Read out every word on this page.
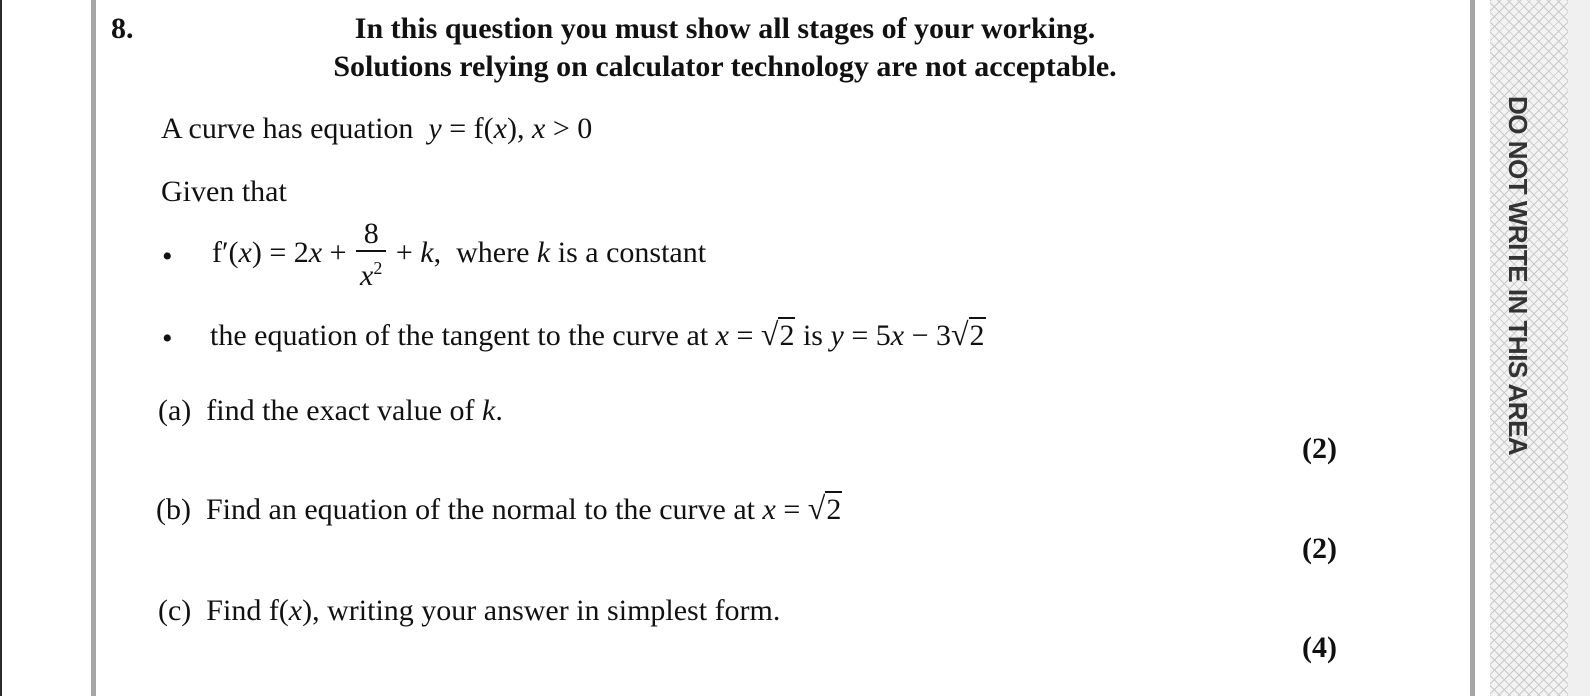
DO NOT WRITE IN THIS AREA
8.	In this question you must show all stages of your working.
Solutions relying on calculator technology are not acceptable.
A curve has equation y = f(x), x > 0
Given that
• $f'(x) = 2x + \frac{8}{x^2} + k$, where k is a constant
• the equation of the tangent to the curve at x = √2 is y = 5x − 3√2
(a) find the exact value of k.
(2)
(b) Find an equation of the normal to the curve at x = √2
(2)
(c) Find f(x), writing your answer in simplest form.
(4)
